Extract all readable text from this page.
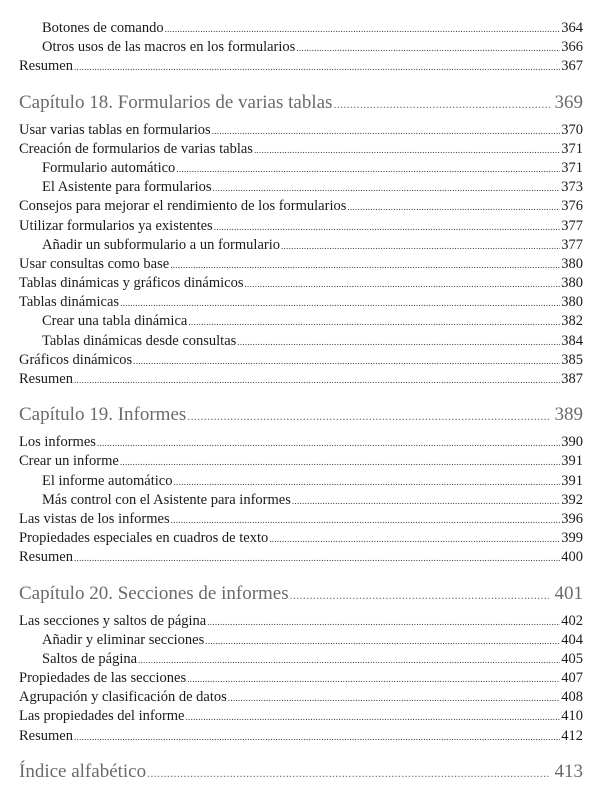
Botones de comando .....	364
Otros usos de las macros en los formularios .....	366
Resumen .....	367
Capítulo 18. Formularios de varias tablas .....	369
Usar varias tablas en formularios .....	370
Creación de formularios de varias tablas .....	371
Formulario automático .....	371
El Asistente para formularios .....	373
Consejos para mejorar el rendimiento de los formularios .....	376
Utilizar formularios ya existentes .....	377
Añadir un subformulario a un formulario .....	377
Usar consultas como base .....	380
Tablas dinámicas y gráficos dinámicos .....	380
Tablas dinámicas .....	380
Crear una tabla dinámica .....	382
Tablas dinámicas desde consultas .....	384
Gráficos dinámicos .....	385
Resumen .....	387
Capítulo 19. Informes .....	389
Los informes .....	390
Crear un informe .....	391
El informe automático .....	391
Más control con el Asistente para informes .....	392
Las vistas de los informes .....	396
Propiedades especiales en cuadros de texto .....	399
Resumen .....	400
Capítulo 20. Secciones de informes .....	401
Las secciones y saltos de página .....	402
Añadir y eliminar secciones .....	404
Saltos de página .....	405
Propiedades de las secciones .....	407
Agrupación y clasificación de datos .....	408
Las propiedades del informe .....	410
Resumen .....	412
Índice alfabético .....	413
